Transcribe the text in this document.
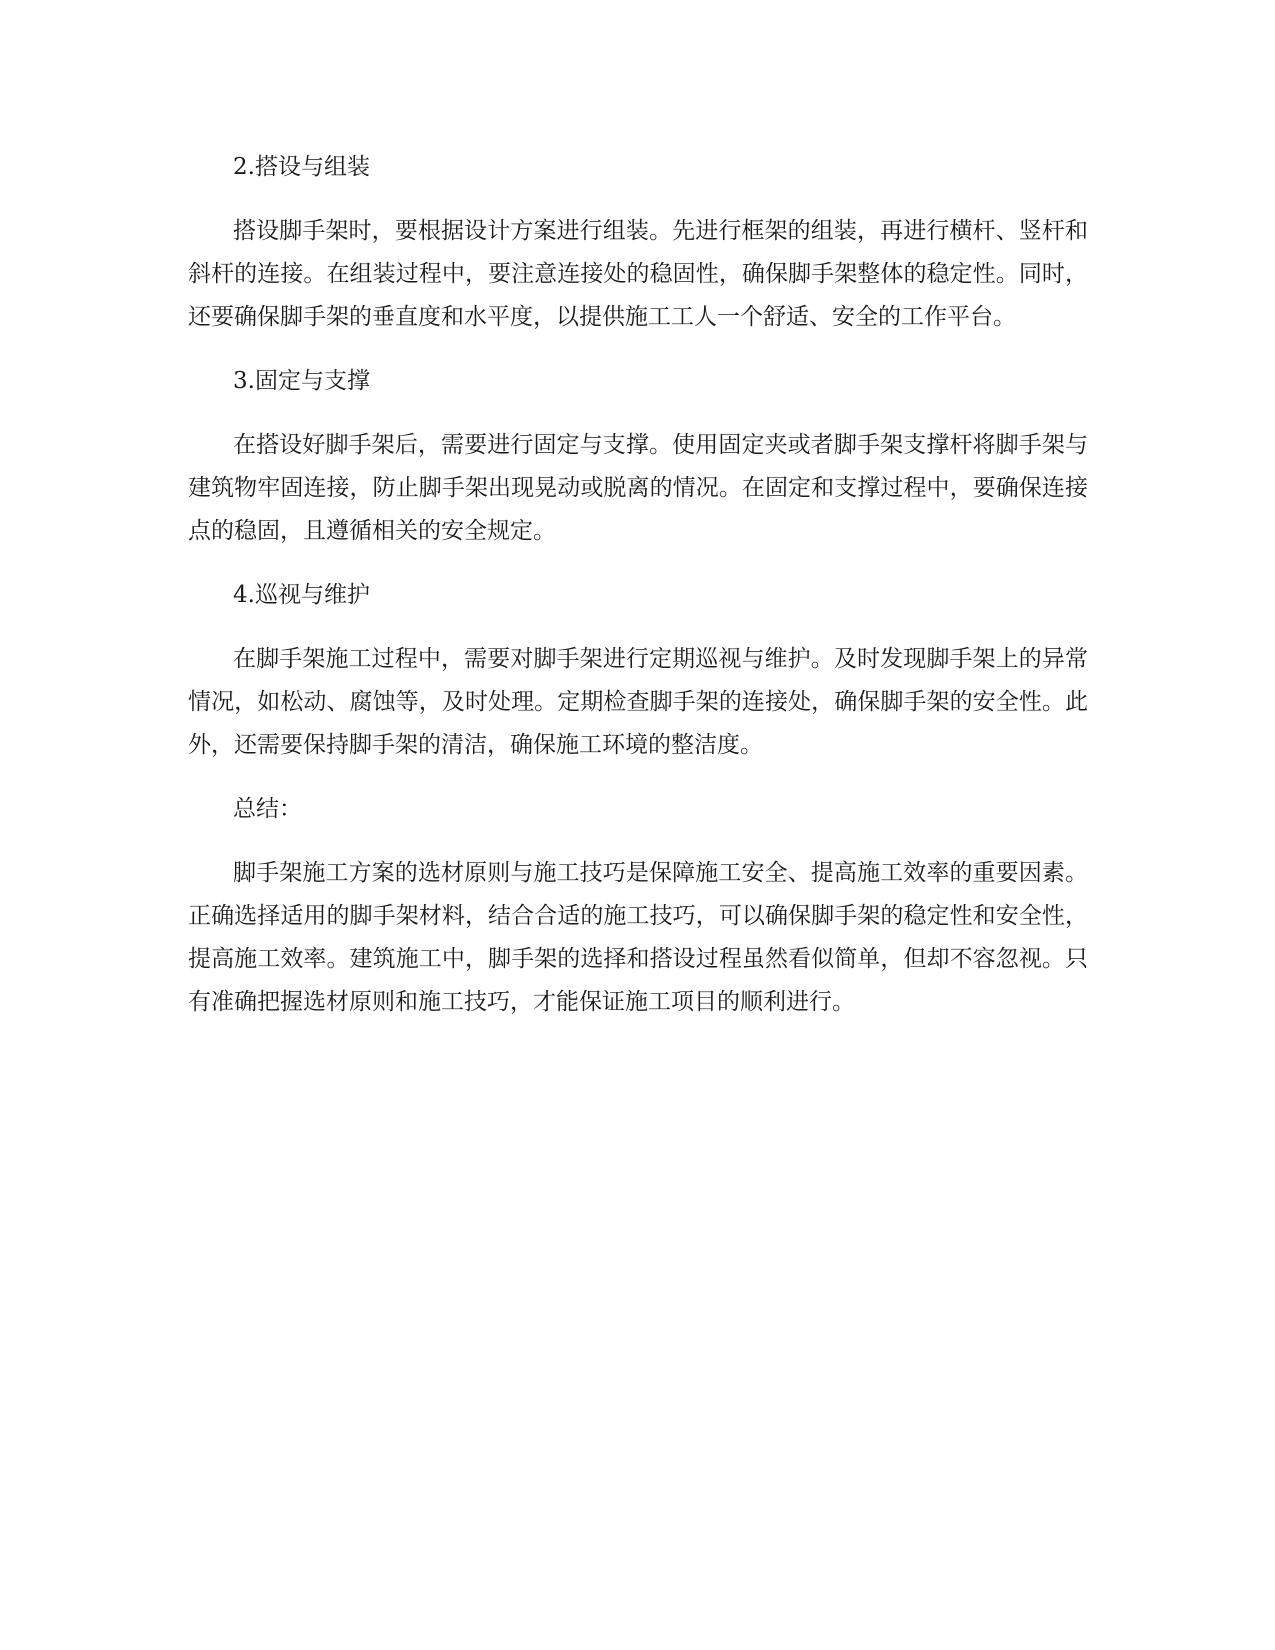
2.搭设与组装

搭设脚手架时，要根据设计方案进行组装。先进行框架的组装，再进行横杆、竖杆和斜杆的连接。在组装过程中，要注意连接处的稳固性，确保脚手架整体的稳定性。同时，还要确保脚手架的垂直度和水平度，以提供施工工人一个舒适、安全的工作平台。

3.固定与支撑

在搭设好脚手架后，需要进行固定与支撑。使用固定夹或者脚手架支撑杆将脚手架与建筑物牢固连接，防止脚手架出现晃动或脱离的情况。在固定和支撑过程中，要确保连接点的稳固，且遵循相关的安全规定。

4.巡视与维护

在脚手架施工过程中，需要对脚手架进行定期巡视与维护。及时发现脚手架上的异常情况，如松动、腐蚀等，及时处理。定期检查脚手架的连接处，确保脚手架的安全性。此外，还需要保持脚手架的清洁，确保施工环境的整洁度。

总结：

脚手架施工方案的选材原则与施工技巧是保障施工安全、提高施工效率的重要因素。正确选择适用的脚手架材料，结合合适的施工技巧，可以确保脚手架的稳定性和安全性，提高施工效率。建筑施工中，脚手架的选择和搭设过程虽然看似简单，但却不容忽视。只有准确把握选材原则和施工技巧，才能保证施工项目的顺利进行。
